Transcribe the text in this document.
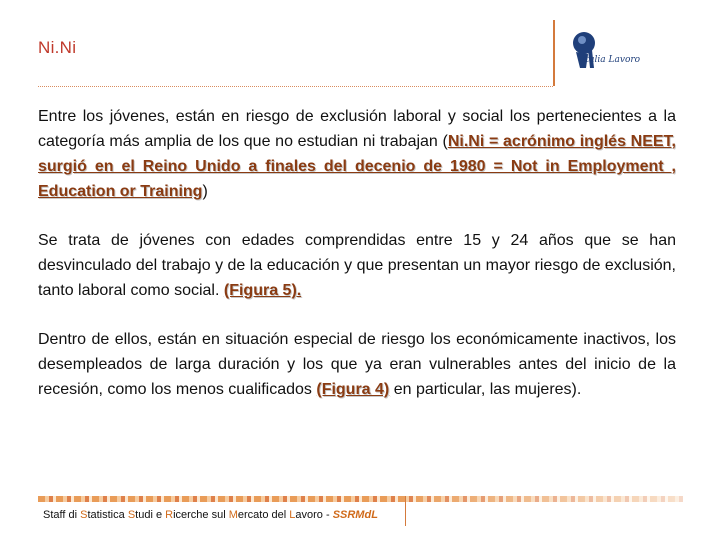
Ni.Ni
Italia Lavoro

Entre los jóvenes, están en riesgo de exclusión laboral y social los pertenecientes a la categoría más amplia de los que no estudian ni trabajan (Ni.Ni = acrónimo inglés NEET, surgió en el Reino Unido a finales del decenio de 1980 = Not in Employment , Education or Training)

Se trata de jóvenes con edades comprendidas entre 15 y 24 años que se han desvinculado del trabajo y de la educación y que presentan un mayor riesgo de exclusión, tanto laboral como social. (Figura 5).

Dentro de ellos, están en situación especial de riesgo los económicamente inactivos, los desempleados de larga duración y los que ya eran vulnerables antes del inicio de la recesión, como los menos cualificados (Figura 4) en particular, las mujeres).

Staff di Statistica Studi e Ricerche sul Mercato del Lavoro - SSRMdL
